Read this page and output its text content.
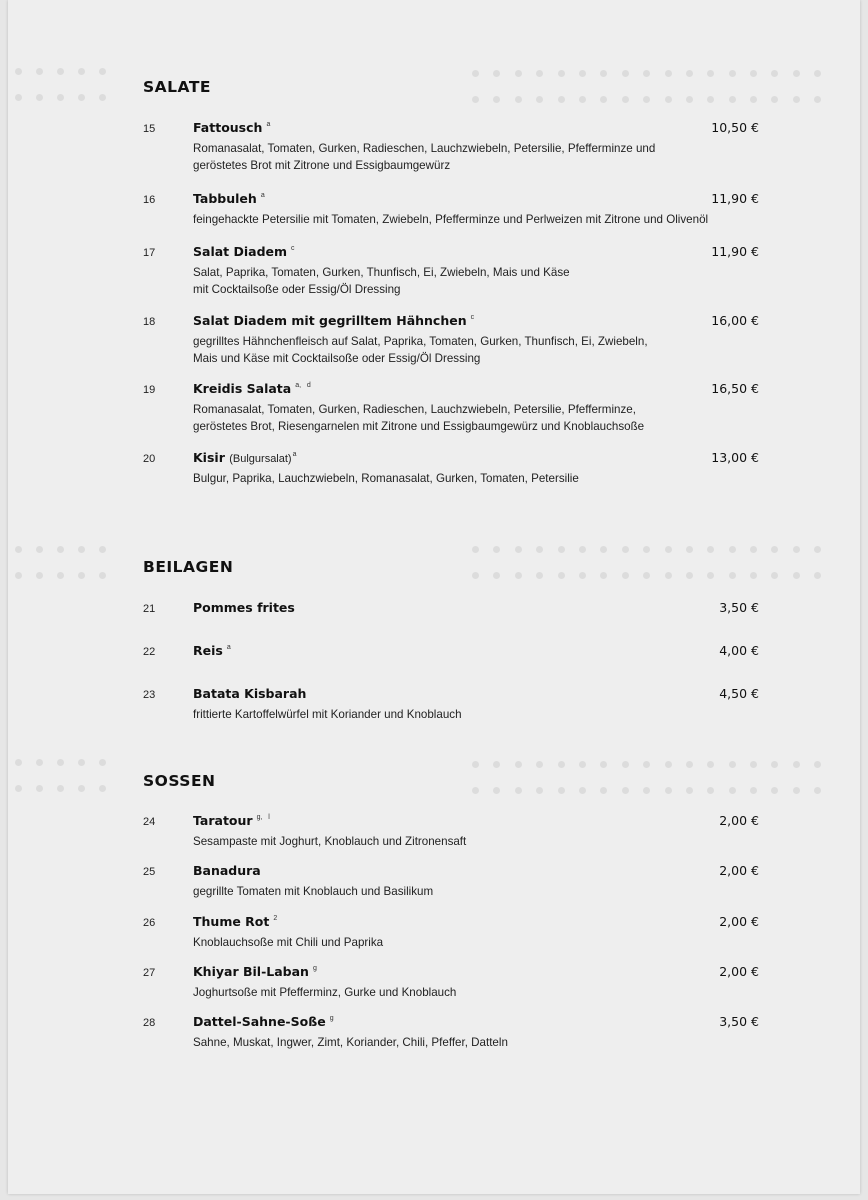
SALATE
15	Fattousch $^a$	10,50 €
Romanasalat, Tomaten, Gurken, Radieschen, Lauchzwiebeln, Petersilie, Pfefferminze und
geröstetes Brot mit Zitrone und Essigbaumgewürz
16	Tabbuleh $^a$	11,90 €
feingehackte Petersilie mit Tomaten, Zwiebeln, Pfefferminze und Perlweizen mit Zitrone und Olivenöl
17	Salat Diadem $^c$	11,90 €
Salat, Paprika, Tomaten, Gurken, Thunfisch, Ei, Zwiebeln, Mais und Käse
mit Cocktailsoße oder Essig/Öl Dressing
18	Salat Diadem mit gegrilltem Hähnchen $^c$	16,00 €
gegrilltes Hähnchenfleisch auf Salat, Paprika, Tomaten, Gurken, Thunfisch, Ei, Zwiebeln,
Mais und Käse mit Cocktailsoße oder Essig/Öl Dressing
19	Kreidis Salata $^{a, d}$	16,50 €
Romanasalat, Tomaten, Gurken, Radieschen, Lauchzwiebeln, Petersilie, Pfefferminze,
geröstetes Brot, Riesengarnelen mit Zitrone und Essigbaumgewürz und Knoblauchsoße
20	Kisir (Bulgursalat)$^a$	13,00 €
Bulgur, Paprika, Lauchzwiebeln, Romanasalat, Gurken, Tomaten, Petersilie
BEILAGEN
21	Pommes frites	3,50 €
22	Reis $^a$	4,00 €
23	Batata Kisbarah	4,50 €
frittierte Kartoffelwürfel mit Koriander und Knoblauch
SOSSEN
24	Taratour $^{g, l}$	2,00 €
Sesampaste mit Joghurt, Knoblauch und Zitronensaft
25	Banadura	2,00 €
gegrillte Tomaten mit Knoblauch und Basilikum
26	Thume Rot $^2$	2,00 €
Knoblauchsoße mit Chili und Paprika
27	Khiyar Bil-Laban $^g$	2,00 €
Joghurtsoße mit Pfefferminz, Gurke und Knoblauch
28	Dattel-Sahne-Soße $^g$	3,50 €
Sahne, Muskat, Ingwer, Zimt, Koriander, Chili, Pfeffer, Datteln
